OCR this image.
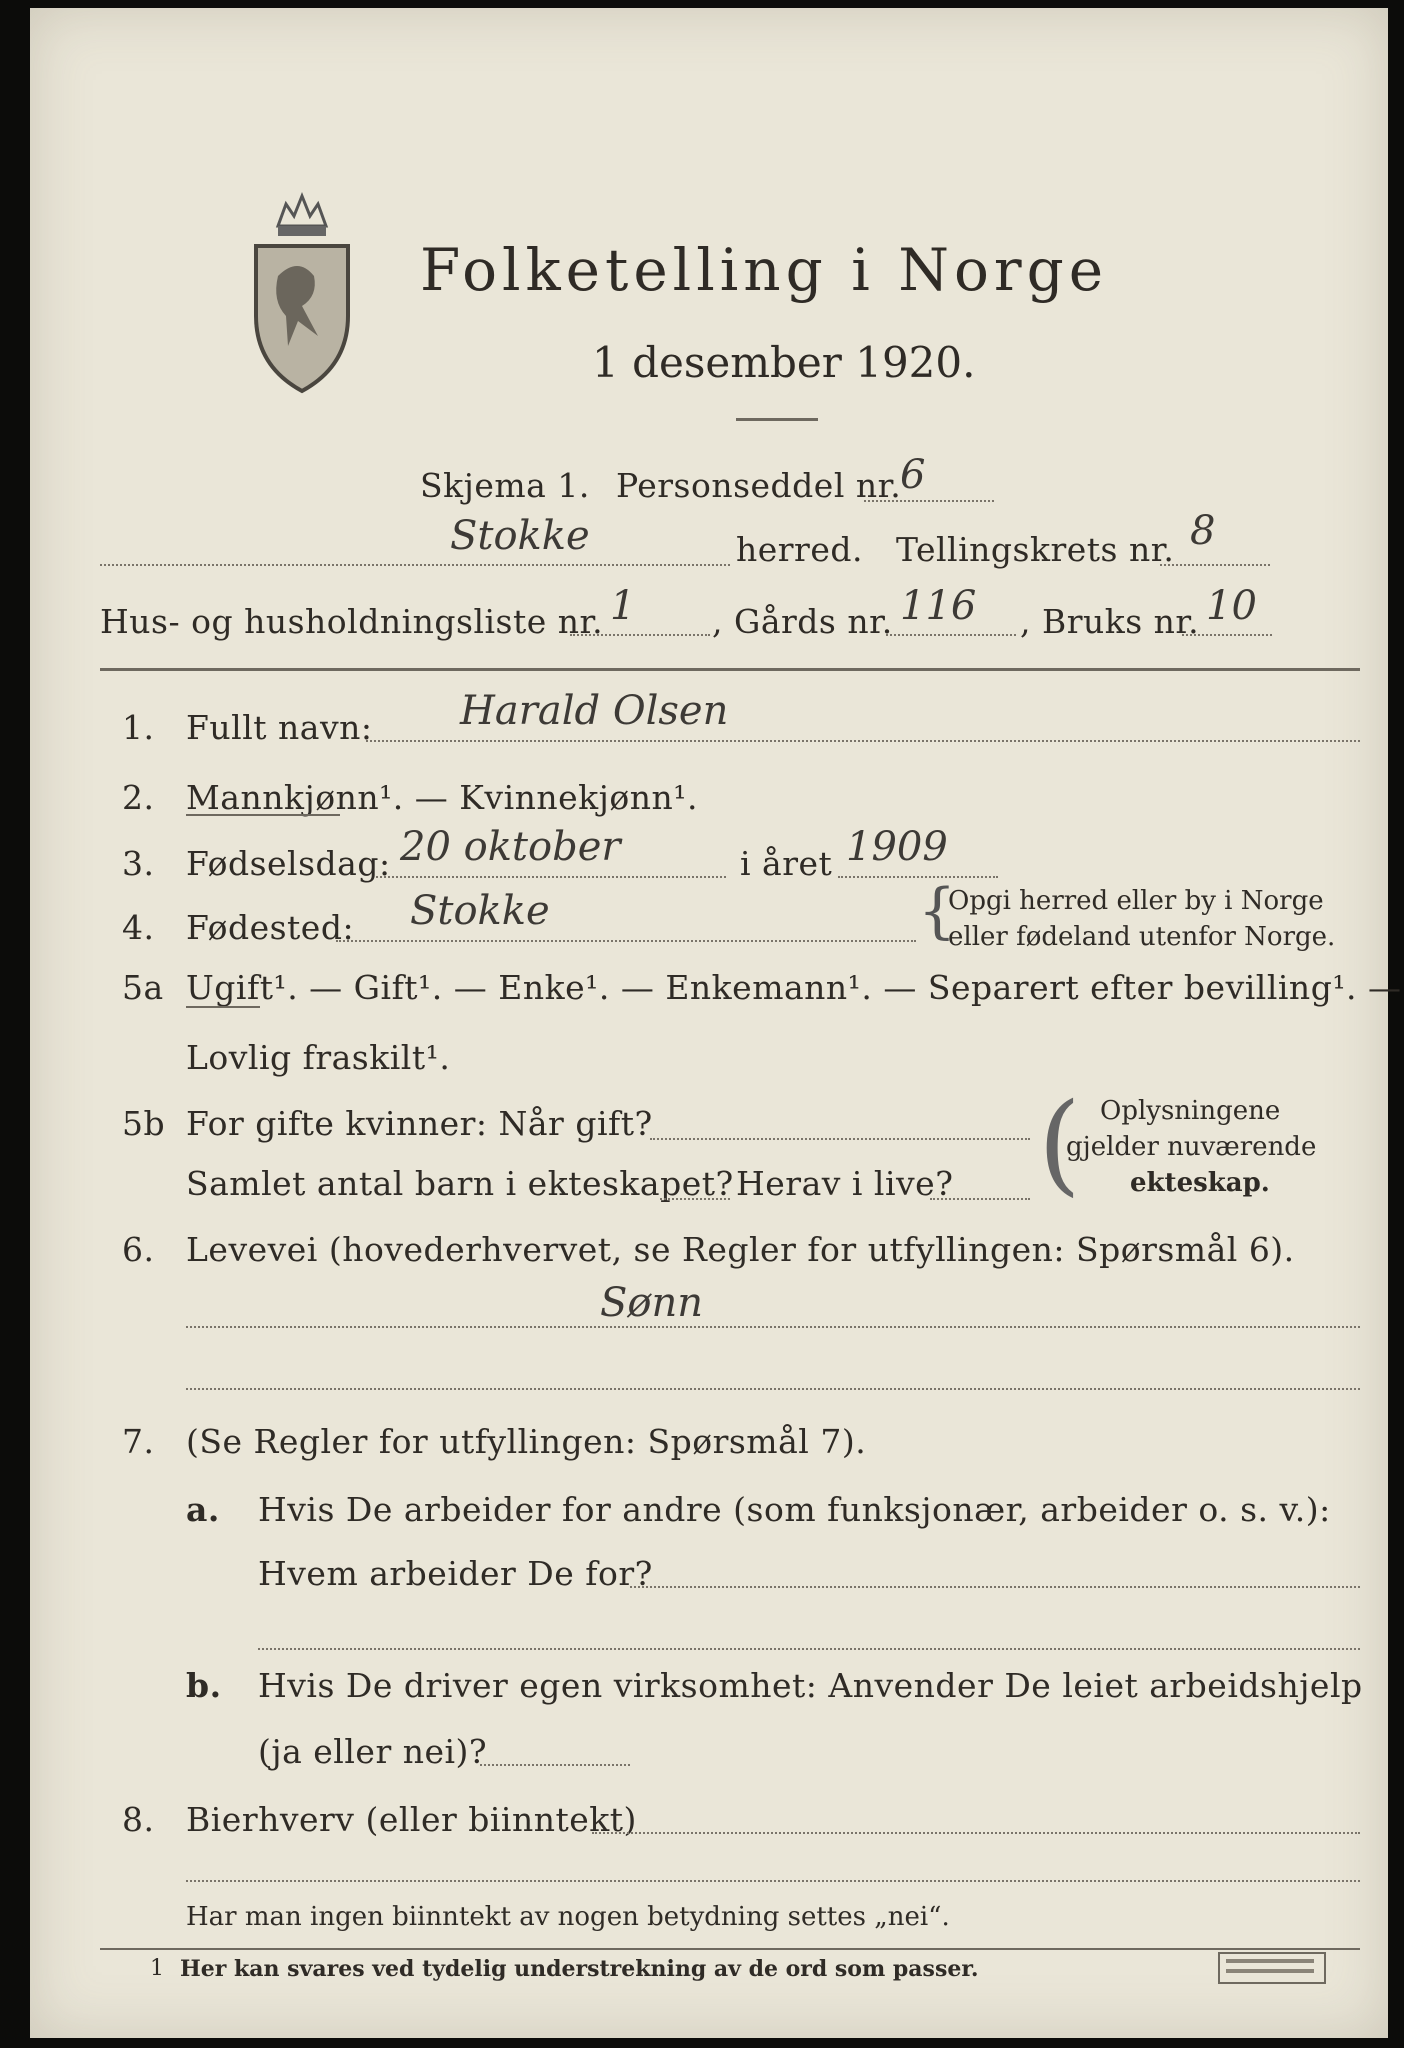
Folketelling i Norge
1 desember 1920.
Skjema 1. Personseddel nr.
6
Stokke	herred. Tellingskrets nr. 8
Hus- og husholdningsliste nr. 1 , Gårds nr. 116 , Bruks nr. 10
1. Fullt navn: Harald Olsen
2. Mannkjønn¹. — Kvinnekjønn¹.
3. Fødselsdag: 20 oktober	i året 1909
4. Fødested: Stokke	{
Opgi herred eller by i Norge
eller fødeland utenfor Norge.
5a Ugift¹. — Gift¹. — Enke¹. — Enkemann¹. — Separert efter bevilling¹. —
Lovlig fraskilt¹.
5b For gifte kvinner: Når gift?
Samlet antal barn i ekteskapet? Herav i live? ( Oplysningene
gjelder nuværende
ekteskap.
6. Levevei (hovederhvervet, se Regler for utfyllingen: Spørsmål 6).
Sønn
7. (Se Regler for utfyllingen: Spørsmål 7).
a. Hvis De arbeider for andre (som funksjonær, arbeider o. s. v.):
Hvem arbeider De for?
b. Hvis De driver egen virksomhet: Anvender De leiet arbeidshjelp
(ja eller nei)?
8. Bierhverv (eller biinntekt)
Har man ingen biinntekt av nogen betydning settes „nei“.
1 Her kan svares ved tydelig understrekning av de ord som passer.
